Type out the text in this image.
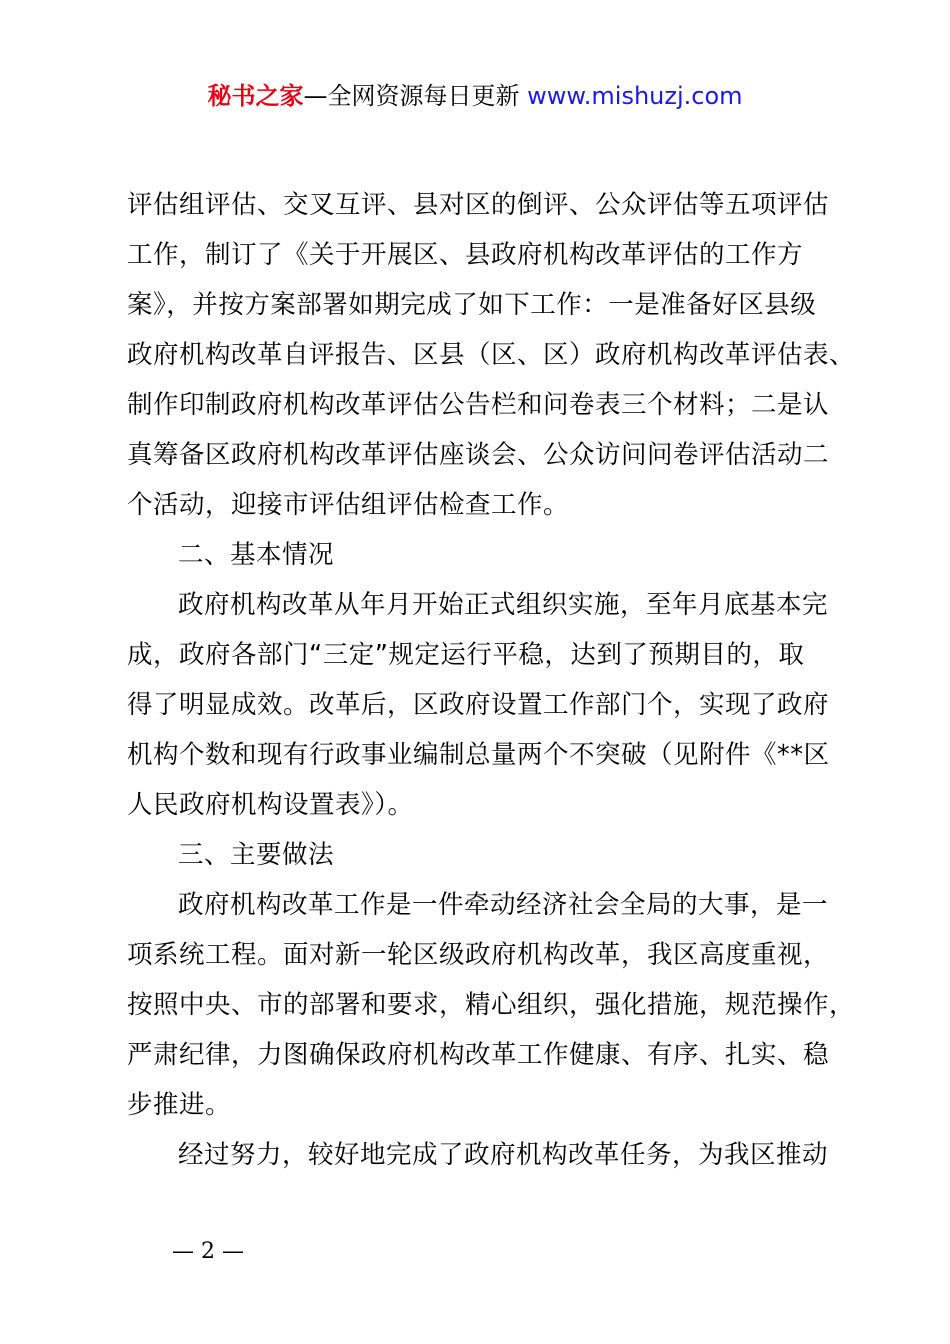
秘书之家—全网资源每日更新 www.mishuzj.com
评估组评估、交叉互评、县对区的倒评、公众评估等五项评估
工作，制订了《关于开展区、县政府机构改革评估的工作方
案》，并按方案部署如期完成了如下工作：一是准备好区县级
政府机构改革自评报告、区县（区、区）政府机构改革评估表、
制作印制政府机构改革评估公告栏和问卷表三个材料；二是认
真筹备区政府机构改革评估座谈会、公众访问问卷评估活动二
个活动，迎接市评估组评估检查工作。
二、基本情况
政府机构改革从年月开始正式组织实施，至年月底基本完
成，政府各部门“三定”规定运行平稳，达到了预期目的，取
得了明显成效。改革后，区政府设置工作部门个，实现了政府
机构个数和现有行政事业编制总量两个不突破（见附件《**区
人民政府机构设置表》）。
三、主要做法
政府机构改革工作是一件牵动经济社会全局的大事，是一
项系统工程。面对新一轮区级政府机构改革，我区高度重视，
按照中央、市的部署和要求，精心组织，强化措施，规范操作，
严肃纪律，力图确保政府机构改革工作健康、有序、扎实、稳
步推进。
经过努力，较好地完成了政府机构改革任务，为我区推动
— 2 —
